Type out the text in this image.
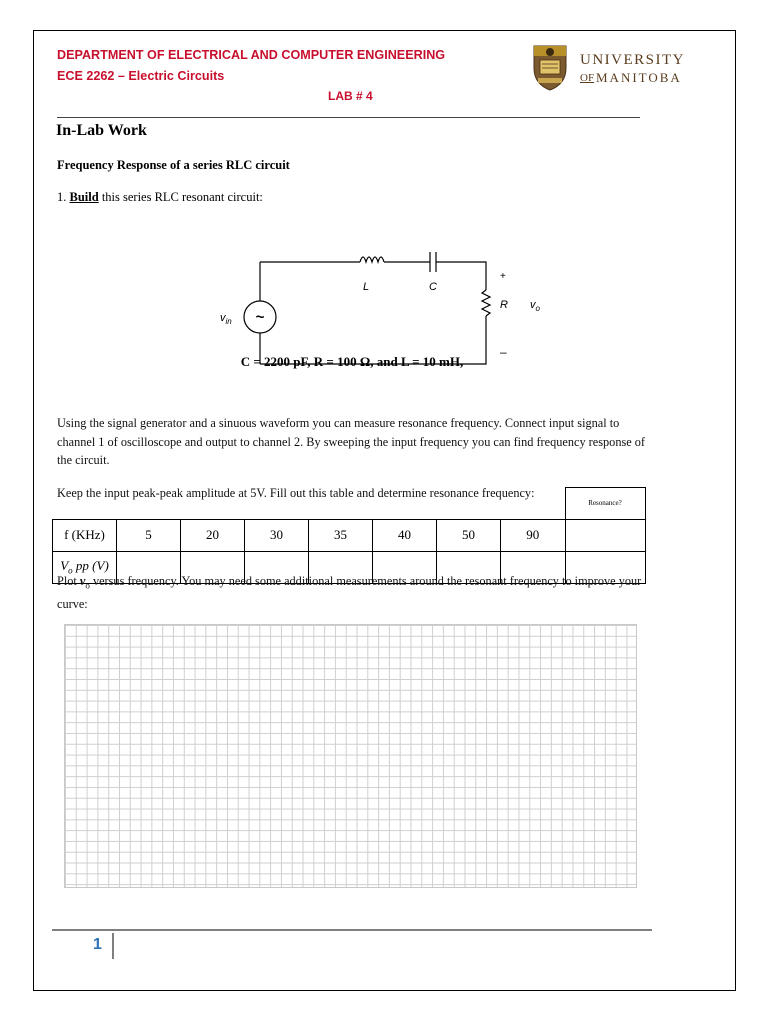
DEPARTMENT OF ELECTRICAL AND COMPUTER ENGINEERING
ECE 2262 – Electric Circuits
LAB # 4
UNIVERSITY
OF MANITOBA
In-Lab Work
Frequency Response of a series RLC circuit
1. Build this series RLC resonant circuit:
~
$v_{in}$
L	C
R $v_o$
+
–
C = 2200 pF, R = 100 Ω, and L = 10 mH,
Using the signal generator and a sinuous waveform you can measure resonance frequency. Connect input signal to channel 1 of oscilloscope and output to channel 2. By sweeping the input frequency you can find frequency response of the circuit.
Keep the input peak-peak amplitude at 5V. Fill out this table and determine resonance frequency:
								Resonance?
f (KHz)	5	20	30	35	40	50	90	
$V_o$ pp (V)								
Plot $v_o$ versus frequency. You may need some additional measurements around the resonant frequency to improve your curve:
1
